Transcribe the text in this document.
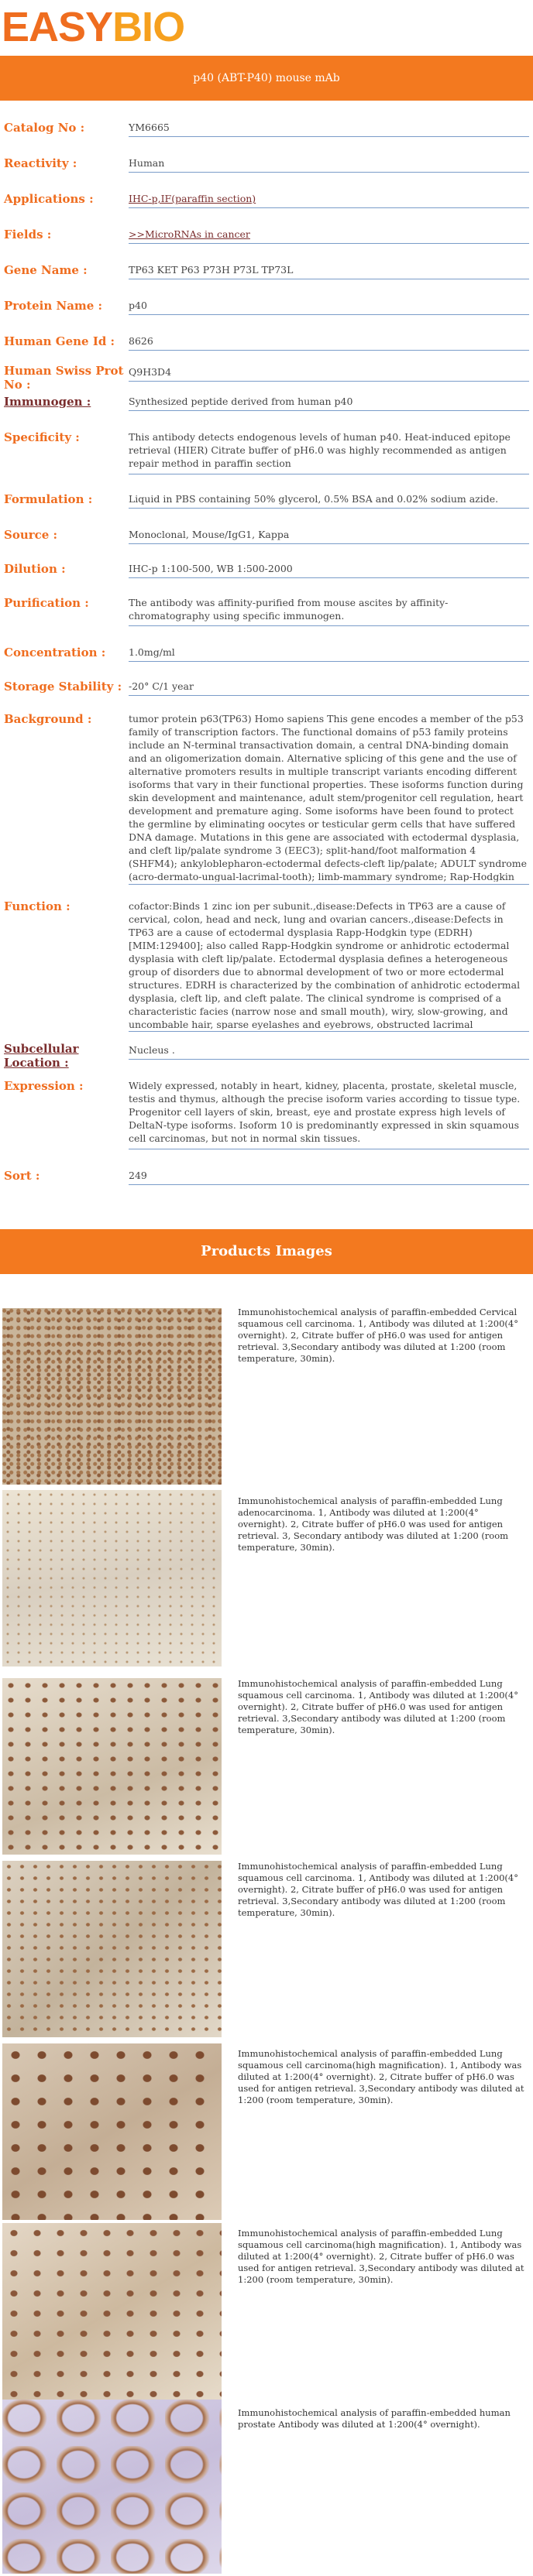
EASYBIO
p40 (ABT-P40) mouse mAb
Catalog No :	YM6665
Reactivity :	Human
Applications :	IHC-p,IF(paraffin section)
Fields :	>>MicroRNAs in cancer
Gene Name :	TP63 KET P63 P73H P73L TP73L
Protein Name :	p40
Human Gene Id : 8626
Human Swiss Prot No :
Q9H3D4
Immunogen :	Synthesized peptide derived from human p40
Specificity :	This antibody detects endogenous levels of human p40. Heat-induced epitope retrieval (HIER) Citrate buffer of pH6.0 was highly recommended as antigen repair method in paraffin section
Formulation :	Liquid in PBS containing 50% glycerol, 0.5% BSA and 0.02% sodium azide.
Source :	Monoclonal, Mouse/IgG1, Kappa
Dilution :	IHC-p 1:100-500, WB 1:500-2000
Purification :	The antibody was affinity-purified from mouse ascites by affinity-chromatography using specific immunogen.
Concentration : 1.0mg/ml
Storage Stability : -20° C/1 year
Background :	tumor protein p63(TP63) Homo sapiens This gene encodes a member of the p53 family of transcription factors. The functional domains of p53 family proteins include an N-terminal transactivation domain, a central DNA-binding domain and an oligomerization domain. Alternative splicing of this gene and the use of alternative promoters results in multiple transcript variants encoding different isoforms that vary in their functional properties. These isoforms function during skin development and maintenance, adult stem/progenitor cell regulation, heart development and premature aging. Some isoforms have been found to protect the germline by eliminating oocytes or testicular germ cells that have suffered DNA damage. Mutations in this gene are associated with ectodermal dysplasia, and cleft lip/palate syndrome 3 (EEC3); split-hand/foot malformation 4 (SHFM4); ankyloblepharon-ectodermal defects-cleft lip/palate; ADULT syndrome (acro-dermato-ungual-lacrimal-tooth); limb-mammary syndrome; Rap-Hodgkin
Function :	cofactor:Binds 1 zinc ion per subunit.,disease:Defects in TP63 are a cause of cervical, colon, head and neck, lung and ovarian cancers.,disease:Defects in TP63 are a cause of ectodermal dysplasia Rapp-Hodgkin type (EDRH) [MIM:129400]; also called Rapp-Hodgkin syndrome or anhidrotic ectodermal dysplasia with cleft lip/palate. Ectodermal dysplasia defines a heterogeneous group of disorders due to abnormal development of two or more ectodermal structures. EDRH is characterized by the combination of anhidrotic ectodermal dysplasia, cleft lip, and cleft palate. The clinical syndrome is comprised of a characteristic facies (narrow nose and small mouth), wiry, slow-growing, and uncombable hair, sparse eyelashes and eyebrows, obstructed lacrimal
Subcellular Location :
Nucleus .
Expression :	Widely expressed, notably in heart, kidney, placenta, prostate, skeletal muscle, testis and thymus, although the precise isoform varies according to tissue type. Progenitor cell layers of skin, breast, eye and prostate express high levels of DeltaN-type isoforms. Isoform 10 is predominantly expressed in skin squamous cell carcinomas, but not in normal skin tissues.
Sort :	249
Products Images
Immunohistochemical analysis of paraffin-embedded Cervical squamous cell carcinoma. 1, Antibody was diluted at 1:200(4° overnight). 2, Citrate buffer of pH6.0 was used for antigen retrieval. 3,Secondary antibody was diluted at 1:200 (room temperature, 30min).
Immunohistochemical analysis of paraffin-embedded Lung adenocarcinoma. 1, Antibody was diluted at 1:200(4° overnight). 2, Citrate buffer of pH6.0 was used for antigen retrieval. 3, Secondary antibody was diluted at 1:200 (room temperature, 30min).
Immunohistochemical analysis of paraffin-embedded Lung squamous cell carcinoma. 1, Antibody was diluted at 1:200(4° overnight). 2, Citrate buffer of pH6.0 was used for antigen retrieval. 3,Secondary antibody was diluted at 1:200 (room temperature, 30min).
Immunohistochemical analysis of paraffin-embedded Lung squamous cell carcinoma. 1, Antibody was diluted at 1:200(4° overnight). 2, Citrate buffer of pH6.0 was used for antigen retrieval. 3,Secondary antibody was diluted at 1:200 (room temperature, 30min).
Immunohistochemical analysis of paraffin-embedded Lung squamous cell carcinoma(high magnification). 1, Antibody was diluted at 1:200(4° overnight). 2, Citrate buffer of pH6.0 was used for antigen retrieval. 3,Secondary antibody was diluted at 1:200 (room temperature, 30min).
Immunohistochemical analysis of paraffin-embedded Lung squamous cell carcinoma(high magnification). 1, Antibody was diluted at 1:200(4° overnight). 2, Citrate buffer of pH6.0 was used for antigen retrieval. 3,Secondary antibody was diluted at 1:200 (room temperature, 30min).
Immunohistochemical analysis of paraffin-embedded human prostate Antibody was diluted at 1:200(4° overnight).
